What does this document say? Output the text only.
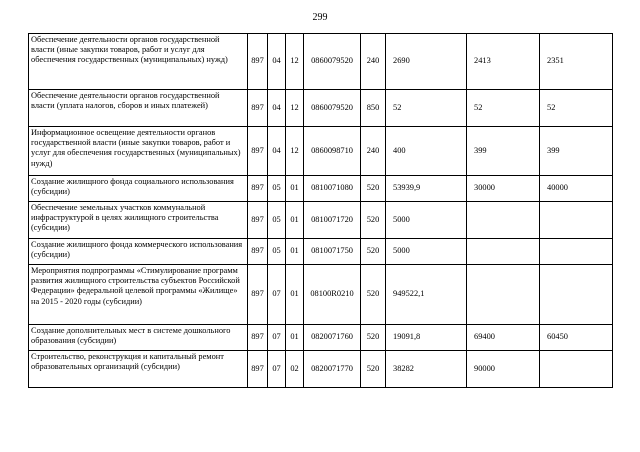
299
Обеспечение деятельности органов государственной власти (иные закупки товаров, работ и услуг для обеспечения государственных (муниципальных) нужд)	897	04	12	0860079520	240	2690	2413	2351
Обеспечение деятельности органов государственной власти (уплата налогов, сборов и иных платежей)	897	04	12	0860079520	850	52	52	52
Информационное освещение деятельности органов государственной власти (иные закупки товаров, работ и услуг для обеспечения государственных (муниципальных) нужд)	897	04	12	0860098710	240	400	399	399
Создание жилищного фонда социального использования (субсидии)	897	05	01	0810071080	520	53939,9	30000	40000
Обеспечение земельных участков коммунальной инфраструктурой в целях жилищного строительства (субсидии)	897	05	01	0810071720	520	5000		
Создание жилищного фонда коммерческого использования (субсидии)	897	05	01	0810071750	520	5000		
Мероприятия подпрограммы «Стимулирование программ развития жилищного строительства субъектов Российской Федерации» федеральной целевой программы «Жилище» на 2015 - 2020 годы (субсидии)	897	07	01	08100R0210	520	949522,1		
Создание дополнительных мест в системе дошкольного образования (субсидии)	897	07	01	0820071760	520	19091,8	69400	60450
Строительство, реконструкция и капитальный ремонт образовательных организаций (субсидии)	897	07	02	0820071770	520	38282	90000	
